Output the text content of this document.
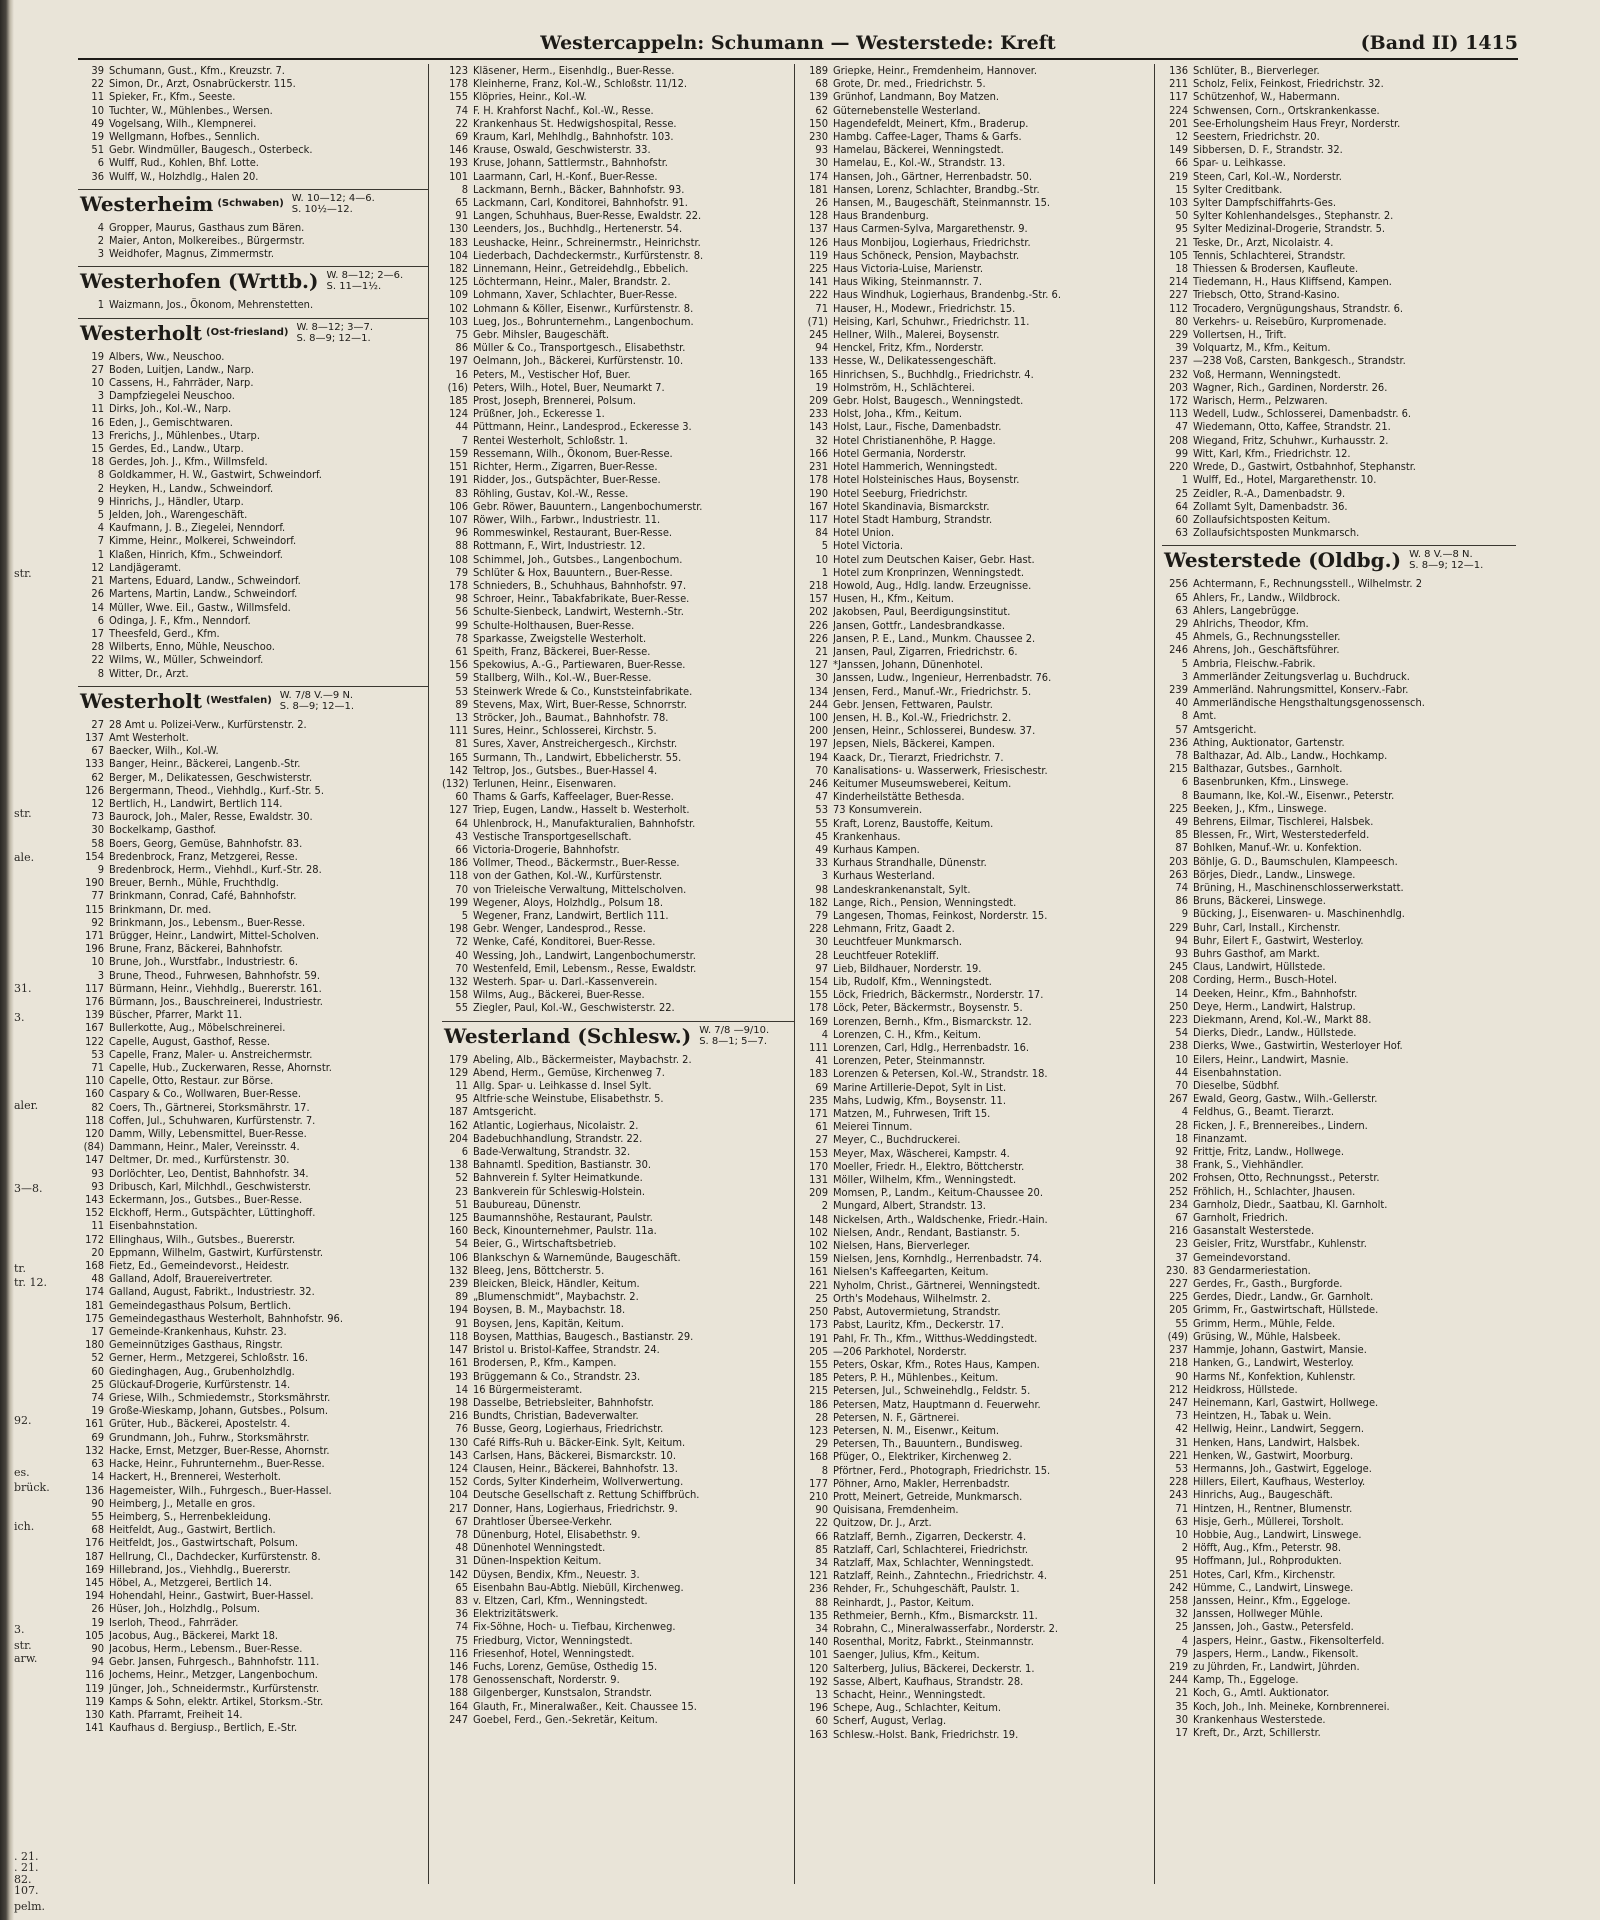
str.
str.
ale.
31.
3.
aler.
3—8.
tr.
tr. 12.
92.
es.
brück.
ich.
3.
str.
arw.
. 21.
. 21.
82.
107.
pelm.
Westercappeln: Schumann — Westerstede: Kreft	(Band II) 1415
39 Schumann, Gust., Kfm., Kreuzstr. 7.
22 Simon, Dr., Arzt, Osnabrückerstr. 115.
11 Spieker, Fr., Kfm., Seeste.
10 Tuchter, W., Mühlenbes., Wersen.
49 Vogelsang, Wilh., Klempnerei.
19 Wellgmann, Hofbes., Sennlich.
51 Gebr. Windmüller, Baugesch., Osterbeck.
6 Wulff, Rud., Kohlen, Bhf. Lotte.
36 Wulff, W., Holzhdlg., Halen 20.
Westerheim (Schwaben) W. 10—12; 4—6.
S. 10½—12.
4 Gropper, Maurus, Gasthaus zum Bären.
2 Maier, Anton, Molkereibes., Bürgermstr.
3 Weidhofer, Magnus, Zimmermstr.
Westerhofen (Wrttb.) W. 8—12; 2—6.
S. 11—1½.
1 Waizmann, Jos., Ökonom, Mehrenstetten.
Westerholt (Ost-friesland) W. 8—12; 3—7.
S. 8—9; 12—1.
19 Albers, Ww., Neuschoo.
27 Boden, Luitjen, Landw., Narp.
10 Cassens, H., Fahrräder, Narp.
3 Dampfziegelei Neuschoo.
11 Dirks, Joh., Kol.-W., Narp.
16 Eden, J., Gemischtwaren.
13 Frerichs, J., Mühlenbes., Utarp.
15 Gerdes, Ed., Landw., Utarp.
18 Gerdes, Joh. J., Kfm., Willmsfeld.
8 Goldkammer, H. W., Gastwirt, Schweindorf.
2 Heyken, H., Landw., Schweindorf.
9 Hinrichs, J., Händler, Utarp.
5 Jelden, Joh., Warengeschäft.
4 Kaufmann, J. B., Ziegelei, Nenndorf.
7 Kimme, Heinr., Molkerei, Schweindorf.
1 Klaßen, Hinrich, Kfm., Schweindorf.
12 Landjägeramt.
21 Martens, Eduard, Landw., Schweindorf.
26 Martens, Martin, Landw., Schweindorf.
14 Müller, Wwe. Eil., Gastw., Willmsfeld.
6 Odinga, J. F., Kfm., Nenndorf.
17 Theesfeld, Gerd., Kfm.
28 Wilberts, Enno, Mühle, Neuschoo.
22 Wilms, W., Müller, Schweindorf.
8 Witter, Dr., Arzt.
Westerholt (Westfalen) W. 7/8 V.—9 N.
S. 8—9; 12—1.
27 28 Amt u. Polizei-Verw., Kurfürstenstr. 2.
137 Amt Westerholt.
67 Baecker, Wilh., Kol.-W.
133 Banger, Heinr., Bäckerei, Langenb.-Str.
62 Berger, M., Delikatessen, Geschwisterstr.
126 Bergermann, Theod., Viehhdlg., Kurf.-Str. 5.
12 Bertlich, H., Landwirt, Bertlich 114.
73 Baurock, Joh., Maler, Resse, Ewaldstr. 30.
30 Bockelkamp, Gasthof.
58 Boers, Georg, Gemüse, Bahnhofstr. 83.
154 Bredenbrock, Franz, Metzgerei, Resse.
9 Bredenbrock, Herm., Viehhdl., Kurf.-Str. 28.
190 Breuer, Bernh., Mühle, Fruchthdlg.
77 Brinkmann, Conrad, Café, Bahnhofstr.
115 Brinkmann, Dr. med.
92 Brinkmann, Jos., Lebensm., Buer-Resse.
171 Brügger, Heinr., Landwirt, Mittel-Scholven.
196 Brune, Franz, Bäckerei, Bahnhofstr.
10 Brune, Joh., Wurstfabr., Industriestr. 6.
3 Brune, Theod., Fuhrwesen, Bahnhofstr. 59.
117 Bürmann, Heinr., Viehhdlg., Buererstr. 161.
176 Bürmann, Jos., Bauschreinerei, Industriestr.
139 Büscher, Pfarrer, Markt 11.
167 Bullerkotte, Aug., Möbelschreinerei.
122 Capelle, August, Gasthof, Resse.
53 Capelle, Franz, Maler- u. Anstreichermstr.
71 Capelle, Hub., Zuckerwaren, Resse, Ahornstr.
110 Capelle, Otto, Restaur. zur Börse.
160 Caspary & Co., Wollwaren, Buer-Resse.
82 Coers, Th., Gärtnerei, Storksmährstr. 17.
118 Coffen, Jul., Schuhwaren, Kurfürstenstr. 7.
120 Damm, Willy, Lebensmittel, Buer-Resse.
(84) Dammann, Heinr., Maler, Vereinsstr. 4.
147 Deltmer, Dr. med., Kurfürstenstr. 30.
93 Dorlöchter, Leo, Dentist, Bahnhofstr. 34.
93 Dribusch, Karl, Milchhdl., Geschwisterstr.
143 Eckermann, Jos., Gutsbes., Buer-Resse.
152 Elckhoff, Herm., Gutspächter, Lüttinghoff.
11 Eisenbahnstation.
172 Ellinghaus, Wilh., Gutsbes., Buererstr.
20 Eppmann, Wilhelm, Gastwirt, Kurfürstenstr.
168 Fietz, Ed., Gemeindevorst., Heidestr.
48 Galland, Adolf, Brauereivertreter.
174 Galland, August, Fabrikt., Industriestr. 32.
181 Gemeindegasthaus Polsum, Bertlich.
175 Gemeindegasthaus Westerholt, Bahnhofstr. 96.
17 Gemeinde-Krankenhaus, Kuhstr. 23.
180 Gemeinnütziges Gasthaus, Ringstr.
52 Gerner, Herm., Metzgerei, Schloßstr. 16.
60 Giedinghagen, Aug., Grubenholzhdlg.
25 Glückauf-Drogerie, Kurfürstenstr. 14.
74 Griese, Wilh., Schmiedemstr., Storksmährstr.
19 Große-Wieskamp, Johann, Gutsbes., Polsum.
161 Grüter, Hub., Bäckerei, Apostelstr. 4.
69 Grundmann, Joh., Fuhrw., Storksmährstr.
132 Hacke, Ernst, Metzger, Buer-Resse, Ahornstr.
63 Hacke, Heinr., Fuhrunternehm., Buer-Resse.
14 Hackert, H., Brennerei, Westerholt.
136 Hagemeister, Wilh., Fuhrgesch., Buer-Hassel.
90 Heimberg, J., Metalle en gros.
55 Heimberg, S., Herrenbekleidung.
68 Heitfeldt, Aug., Gastwirt, Bertlich.
176 Heitfeldt, Jos., Gastwirtschaft, Polsum.
187 Hellrung, Cl., Dachdecker, Kurfürstenstr. 8.
169 Hillebrand, Jos., Viehhdlg., Buererstr.
145 Höbel, A., Metzgerei, Bertlich 14.
194 Hohendahl, Heinr., Gastwirt, Buer-Hassel.
26 Hüser, Joh., Holzhdlg., Polsum.
19 Iserloh, Theod., Fahrräder.
105 Jacobus, Aug., Bäckerei, Markt 18.
90 Jacobus, Herm., Lebensm., Buer-Resse.
94 Gebr. Jansen, Fuhrgesch., Bahnhofstr. 111.
116 Jochems, Heinr., Metzger, Langenbochum.
119 Jünger, Joh., Schneidermstr., Kurfürstenstr.
119 Kamps & Sohn, elektr. Artikel, Storksm.-Str.
130 Kath. Pfarramt, Freiheit 14.
141 Kaufhaus d. Bergiusp., Bertlich, E.-Str.
123 Kläsener, Herm., Eisenhdlg., Buer-Resse.
178 Kleinherne, Franz, Kol.-W., Schloßstr. 11/12.
155 Klöpries, Heinr., Kol.-W.
74 F. H. Krahforst Nachf., Kol.-W., Resse.
22 Krankenhaus St. Hedwigshospital, Resse.
69 Kraum, Karl, Mehlhdlg., Bahnhofstr. 103.
146 Krause, Oswald, Geschwisterstr. 33.
193 Kruse, Johann, Sattlermstr., Bahnhofstr.
101 Laarmann, Carl, H.-Konf., Buer-Resse.
8 Lackmann, Bernh., Bäcker, Bahnhofstr. 93.
65 Lackmann, Carl, Konditorei, Bahnhofstr. 91.
91 Langen, Schuhhaus, Buer-Resse, Ewaldstr. 22.
130 Leenders, Jos., Buchhdlg., Hertenerstr. 54.
183 Leushacke, Heinr., Schreinermstr., Heinrichstr.
104 Liederbach, Dachdeckermstr., Kurfürstenstr. 8.
182 Linnemann, Heinr., Getreidehdlg., Ebbelich.
125 Löchtermann, Heinr., Maler, Brandstr. 2.
109 Lohmann, Xaver, Schlachter, Buer-Resse.
102 Lohmann & Köller, Eisenwr., Kurfürstenstr. 8.
103 Lueg, Jos., Bohrunternehm., Langenbochum.
75 Gebr. Mihsler, Baugeschäft.
86 Müller & Co., Transportgesch., Elisabethstr.
197 Oelmann, Joh., Bäckerei, Kurfürstenstr. 10.
16 Peters, M., Vestischer Hof, Buer.
(16) Peters, Wilh., Hotel, Buer, Neumarkt 7.
185 Prost, Joseph, Brennerei, Polsum.
124 Prüßner, Joh., Eckeresse 1.
44 Püttmann, Heinr., Landesprod., Eckeresse 3.
7 Rentei Westerholt, Schloßstr. 1.
159 Ressemann, Wilh., Ökonom, Buer-Resse.
151 Richter, Herm., Zigarren, Buer-Resse.
191 Ridder, Jos., Gutspächter, Buer-Resse.
83 Röhling, Gustav, Kol.-W., Resse.
106 Gebr. Röwer, Bauuntern., Langenbochumerstr.
107 Röwer, Wilh., Farbwr., Industriestr. 11.
96 Rommeswinkel, Restaurant, Buer-Resse.
88 Rottmann, F., Wirt, Industriestr. 12.
108 Schimmel, Joh., Gutsbes., Langenbochum.
79 Schlüter & Hox, Bauuntern., Buer-Resse.
178 Schnieders, B., Schuhhaus, Bahnhofstr. 97.
98 Schroer, Heinr., Tabakfabrikate, Buer-Resse.
56 Schulte-Sienbeck, Landwirt, Westernh.-Str.
99 Schulte-Holthausen, Buer-Resse.
78 Sparkasse, Zweigstelle Westerholt.
61 Speith, Franz, Bäckerei, Buer-Resse.
156 Spekowius, A.-G., Partiewaren, Buer-Resse.
59 Stallberg, Wilh., Kol.-W., Buer-Resse.
53 Steinwerk Wrede & Co., Kunststeinfabrikate.
89 Stevens, Max, Wirt, Buer-Resse, Schnorrstr.
13 Ströcker, Joh., Baumat., Bahnhofstr. 78.
111 Sures, Heinr., Schlosserei, Kirchstr. 5.
81 Sures, Xaver, Anstreichergesch., Kirchstr.
165 Surmann, Th., Landwirt, Ebbelicherstr. 55.
142 Teltrop, Jos., Gutsbes., Buer-Hassel 4.
(132) Terlunen, Heinr., Eisenwaren.
60 Thams & Garfs, Kaffeelager, Buer-Resse.
127 Triep, Eugen, Landw., Hasselt b. Westerholt.
64 Uhlenbrock, H., Manufakturalien, Bahnhofstr.
43 Vestische Transportgesellschaft.
66 Victoria-Drogerie, Bahnhofstr.
186 Vollmer, Theod., Bäckermstr., Buer-Resse.
118 von der Gathen, Kol.-W., Kurfürstenstr.
70 von Trieleische Verwaltung, Mittelscholven.
199 Wegener, Aloys, Holzhdlg., Polsum 18.
5 Wegener, Franz, Landwirt, Bertlich 111.
198 Gebr. Wenger, Landesprod., Resse.
72 Wenke, Café, Konditorei, Buer-Resse.
40 Wessing, Joh., Landwirt, Langenbochumerstr.
70 Westenfeld, Emil, Lebensm., Resse, Ewaldstr.
132 Westerh. Spar- u. Darl.-Kassenverein.
158 Wilms, Aug., Bäckerei, Buer-Resse.
55 Ziegler, Paul, Kol.-W., Geschwisterstr. 22.
Westerland (Schlesw.) W. 7/8 —9/10.
S. 8—1; 5—7.
179 Abeling, Alb., Bäckermeister, Maybachstr. 2.
129 Abend, Herm., Gemüse, Kirchenweg 7.
11 Allg. Spar- u. Leihkasse d. Insel Sylt.
95 Altfrie·sche Weinstube, Elisabethstr. 5.
187 Amtsgericht.
162 Atlantic, Logierhaus, Nicolaistr. 2.
204 Badebuchhandlung, Strandstr. 22.
6 Bade-Verwaltung, Strandstr. 32.
138 Bahnamtl. Spedition, Bastianstr. 30.
52 Bahnverein f. Sylter Heimatkunde.
23 Bankverein für Schleswig-Holstein.
51 Baubureau, Dünenstr.
125 Baumannshöhe, Restaurant, Paulstr.
160 Beck, Kinounternehmer, Paulstr. 11a.
54 Beier, G., Wirtschaftsbetrieb.
106 Blankschyn & Warnemünde, Baugeschäft.
132 Bleeg, Jens, Böttcherstr. 5.
239 Bleicken, Bleick, Händler, Keitum.
89 „Blumenschmidt“, Maybachstr. 2.
194 Boysen, B. M., Maybachstr. 18.
91 Boysen, Jens, Kapitän, Keitum.
118 Boysen, Matthias, Baugesch., Bastianstr. 29.
147 Bristol u. Bristol-Kaffee, Strandstr. 24.
161 Brodersen, P., Kfm., Kampen.
193 Brüggemann & Co., Strandstr. 23.
14 16 Bürgermeisteramt.
198 Dasselbe, Betriebsleiter, Bahnhofstr.
216 Bundts, Christian, Badeverwalter.
76 Busse, Georg, Logierhaus, Friedrichstr.
130 Café Riffs-Ruh u. Bäcker-Eink. Sylt, Keitum.
143 Carlsen, Hans, Bäckerei, Bismarckstr. 10.
124 Clausen, Heinr., Bäckerei, Bahnhofstr. 13.
152 Cords, Sylter Kinderheim, Wollverwertung.
104 Deutsche Gesellschaft z. Rettung Schiffbrüch.
217 Donner, Hans, Logierhaus, Friedrichstr. 9.
67 Drahtloser Übersee-Verkehr.
78 Dünenburg, Hotel, Elisabethstr. 9.
48 Dünenhotel Wenningstedt.
31 Dünen-Inspektion Keitum.
142 Düysen, Bendix, Kfm., Neuestr. 3.
65 Eisenbahn Bau-Abtlg. Niebüll, Kirchenweg.
83 v. Eltzen, Carl, Kfm., Wenningstedt.
36 Elektrizitätswerk.
74 Fix-Söhne, Hoch- u. Tiefbau, Kirchenweg.
75 Friedburg, Victor, Wenningstedt.
116 Friesenhof, Hotel, Wenningstedt.
146 Fuchs, Lorenz, Gemüse, Osthedig 15.
178 Genossenschaft, Norderstr. 9.
188 Gilgenberger, Kunstsalon, Strandstr.
164 Glauth, Fr., Mineralwaßer., Keit. Chaussee 15.
247 Goebel, Ferd., Gen.-Sekretär, Keitum.
189 Griepke, Heinr., Fremdenheim, Hannover.
68 Grote, Dr. med., Friedrichstr. 5.
139 Grünhof, Landmann, Boy Matzen.
62 Güternebenstelle Westerland.
150 Hagendefeldt, Meinert, Kfm., Braderup.
230 Hambg. Caffee-Lager, Thams & Garfs.
93 Hamelau, Bäckerei, Wenningstedt.
30 Hamelau, E., Kol.-W., Strandstr. 13.
174 Hansen, Joh., Gärtner, Herrenbadstr. 50.
181 Hansen, Lorenz, Schlachter, Brandbg.-Str.
26 Hansen, M., Baugeschäft, Steinmannstr. 15.
128 Haus Brandenburg.
137 Haus Carmen-Sylva, Margarethenstr. 9.
126 Haus Monbijou, Logierhaus, Friedrichstr.
119 Haus Schöneck, Pension, Maybachstr.
225 Haus Victoria-Luise, Marienstr.
141 Haus Wiking, Steinmannstr. 7.
222 Haus Windhuk, Logierhaus, Brandenbg.-Str. 6.
71 Hauser, H., Modewr., Friedrichstr. 15.
(71) Heising, Karl, Schuhwr., Friedrichstr. 11.
245 Hellner, Wilh., Malerei, Boysenstr.
94 Henckel, Fritz, Kfm., Norderstr.
133 Hesse, W., Delikatessengeschäft.
165 Hinrichsen, S., Buchhdlg., Friedrichstr. 4.
19 Holmström, H., Schlächterei.
209 Gebr. Holst, Baugesch., Wenningstedt.
233 Holst, Joha., Kfm., Keitum.
143 Holst, Laur., Fische, Damenbadstr.
32 Hotel Christianenhöhe, P. Hagge.
166 Hotel Germania, Norderstr.
231 Hotel Hammerich, Wenningstedt.
178 Hotel Holsteinisches Haus, Boysenstr.
190 Hotel Seeburg, Friedrichstr.
167 Hotel Skandinavia, Bismarckstr.
117 Hotel Stadt Hamburg, Strandstr.
84 Hotel Union.
5 Hotel Victoria.
10 Hotel zum Deutschen Kaiser, Gebr. Hast.
1 Hotel zum Kronprinzen, Wenningstedt.
218 Howold, Aug., Hdlg. landw. Erzeugnisse.
157 Husen, H., Kfm., Keitum.
202 Jakobsen, Paul, Beerdigungsinstitut.
226 Jansen, Gottfr., Landesbrandkasse.
226 Jansen, P. E., Land., Munkm. Chaussee 2.
21 Jansen, Paul, Zigarren, Friedrichstr. 6.
127 *Janssen, Johann, Dünenhotel.
30 Janssen, Ludw., Ingenieur, Herrenbadstr. 76.
134 Jensen, Ferd., Manuf.-Wr., Friedrichstr. 5.
244 Gebr. Jensen, Fettwaren, Paulstr.
100 Jensen, H. B., Kol.-W., Friedrichstr. 2.
200 Jensen, Heinr., Schlosserei, Bundesw. 37.
197 Jepsen, Niels, Bäckerei, Kampen.
194 Kaack, Dr., Tierarzt, Friedrichstr. 7.
70 Kanalisations- u. Wasserwerk, Friesischestr.
246 Keitumer Museumsweberei, Keitum.
47 Kinderheilstätte Bethesda.
53 73 Konsumverein.
55 Kraft, Lorenz, Baustoffe, Keitum.
45 Krankenhaus.
49 Kurhaus Kampen.
33 Kurhaus Strandhalle, Dünenstr.
3 Kurhaus Westerland.
98 Landeskrankenanstalt, Sylt.
182 Lange, Rich., Pension, Wenningstedt.
79 Langesen, Thomas, Feinkost, Norderstr. 15.
228 Lehmann, Fritz, Gaadt 2.
30 Leuchtfeuer Munkmarsch.
28 Leuchtfeuer Rotekliff.
97 Lieb, Bildhauer, Norderstr. 19.
154 Lib, Rudolf, Kfm., Wenningstedt.
155 Löck, Friedrich, Bäckermstr., Norderstr. 17.
178 Löck, Peter, Bäckermstr., Boysenstr. 5.
169 Lorenzen, Bernh., Kfm., Bismarckstr. 12.
4 Lorenzen, C. H., Kfm., Keitum.
111 Lorenzen, Carl, Hdlg., Herrenbadstr. 16.
41 Lorenzen, Peter, Steinmannstr.
183 Lorenzen & Petersen, Kol.-W., Strandstr. 18.
69 Marine Artillerie-Depot, Sylt in List.
235 Mahs, Ludwig, Kfm., Boysenstr. 11.
171 Matzen, M., Fuhrwesen, Trift 15.
61 Meierei Tinnum.
27 Meyer, C., Buchdruckerei.
153 Meyer, Max, Wäscherei, Kampstr. 4.
170 Moeller, Friedr. H., Elektro, Böttcherstr.
131 Möller, Wilhelm, Kfm., Wenningstedt.
209 Momsen, P., Landm., Keitum-Chaussee 20.
2 Mungard, Albert, Strandstr. 13.
148 Nickelsen, Arth., Waldschenke, Friedr.-Hain.
102 Nielsen, Andr., Rendant, Bastianstr. 5.
102 Nielsen, Hans, Bierverleger.
159 Nielsen, Jens, Kornhdlg., Herrenbadstr. 74.
161 Nielsen's Kaffeegarten, Keitum.
221 Nyholm, Christ., Gärtnerei, Wenningstedt.
25 Orth's Modehaus, Wilhelmstr. 2.
250 Pabst, Autovermietung, Strandstr.
173 Pabst, Lauritz, Kfm., Deckerstr. 17.
191 Pahl, Fr. Th., Kfm., Witthus-Weddingstedt.
205 —206 Parkhotel, Norderstr.
155 Peters, Oskar, Kfm., Rotes Haus, Kampen.
185 Peters, P. H., Mühlenbes., Keitum.
215 Petersen, Jul., Schweinehdlg., Feldstr. 5.
186 Petersen, Matz, Hauptmann d. Feuerwehr.
28 Petersen, N. F., Gärtnerei.
123 Petersen, N. M., Eisenwr., Keitum.
29 Petersen, Th., Bauuntern., Bundisweg.
168 Pfüger, O., Elektriker, Kirchenweg 2.
8 Pförtner, Ferd., Photograph, Friedrichstr. 15.
177 Pöhner, Arno, Makler, Herrenbadstr.
210 Prott, Meinert, Getreide, Munkmarsch.
90 Quisisana, Fremdenheim.
22 Quitzow, Dr. J., Arzt.
66 Ratzlaff, Bernh., Zigarren, Deckerstr. 4.
85 Ratzlaff, Carl, Schlachterei, Friedrichstr.
34 Ratzlaff, Max, Schlachter, Wenningstedt.
121 Ratzlaff, Reinh., Zahntechn., Friedrichstr. 4.
236 Rehder, Fr., Schuhgeschäft, Paulstr. 1.
88 Reinhardt, J., Pastor, Keitum.
135 Rethmeier, Bernh., Kfm., Bismarckstr. 11.
34 Robrahn, C., Mineralwasserfabr., Norderstr. 2.
140 Rosenthal, Moritz, Fabrkt., Steinmannstr.
101 Saenger, Julius, Kfm., Keitum.
120 Salterberg, Julius, Bäckerei, Deckerstr. 1.
192 Sasse, Albert, Kaufhaus, Strandstr. 28.
13 Schacht, Heinr., Wenningstedt.
196 Schepe, Aug., Schlachter, Keitum.
60 Scherf, August, Verlag.
163 Schlesw.-Holst. Bank, Friedrichstr. 19.
136 Schlüter, B., Bierverleger.
211 Scholz, Felix, Feinkost, Friedrichstr. 32.
117 Schützenhof, W., Habermann.
224 Schwensen, Corn., Ortskrankenkasse.
201 See-Erholungsheim Haus Freyr, Norderstr.
12 Seestern, Friedrichstr. 20.
149 Sibbersen, D. F., Strandstr. 32.
66 Spar- u. Leihkasse.
219 Steen, Carl, Kol.-W., Norderstr.
15 Sylter Creditbank.
103 Sylter Dampfschiffahrts-Ges.
50 Sylter Kohlenhandelsges., Stephanstr. 2.
95 Sylter Medizinal-Drogerie, Strandstr. 5.
21 Teske, Dr., Arzt, Nicolaistr. 4.
105 Tennis, Schlachterei, Strandstr.
18 Thiessen & Brodersen, Kaufleute.
214 Tiedemann, H., Haus Kliffsend, Kampen.
227 Triebsch, Otto, Strand-Kasino.
112 Trocadero, Vergnügungshaus, Strandstr. 6.
80 Verkehrs- u. Reisebüro, Kurpromenade.
229 Vollertsen, H., Trift.
39 Volquartz, M., Kfm., Keitum.
237 —238 Voß, Carsten, Bankgesch., Strandstr.
232 Voß, Hermann, Wenningstedt.
203 Wagner, Rich., Gardinen, Norderstr. 26.
172 Warisch, Herm., Pelzwaren.
113 Wedell, Ludw., Schlosserei, Damenbadstr. 6.
47 Wiedemann, Otto, Kaffee, Strandstr. 21.
208 Wiegand, Fritz, Schuhwr., Kurhausstr. 2.
99 Witt, Karl, Kfm., Friedrichstr. 12.
220 Wrede, D., Gastwirt, Ostbahnhof, Stephanstr.
1 Wulff, Ed., Hotel, Margarethenstr. 10.
25 Zeidler, R.-A., Damenbadstr. 9.
64 Zollamt Sylt, Damenbadstr. 36.
60 Zollaufsichtsposten Keitum.
63 Zollaufsichtsposten Munkmarsch.
Westerstede (Oldbg.) W. 8 V.—8 N.
S. 8—9; 12—1.
256 Achtermann, F., Rechnungsstell., Wilhelmstr. 2
65 Ahlers, Fr., Landw., Wildbrock.
63 Ahlers, Langebrügge.
29 Ahlrichs, Theodor, Kfm.
45 Ahmels, G., Rechnungssteller.
246 Ahrens, Joh., Geschäftsführer.
5 Ambria, Fleischw.-Fabrik.
3 Ammerländer Zeitungsverlag u. Buchdruck.
239 Ammerländ. Nahrungsmittel, Konserv.-Fabr.
40 Ammerländische Hengsthaltungsgenossensch.
8 Amt.
57 Amtsgericht.
236 Athing, Auktionator, Gartenstr.
78 Balthazar, Ad. Alb., Landw., Hochkamp.
215 Balthazar, Gutsbes., Garnholt.
6 Basenbrunken, Kfm., Linswege.
8 Baumann, Ike, Kol.-W., Eisenwr., Peterstr.
225 Beeken, J., Kfm., Linswege.
49 Behrens, Eilmar, Tischlerei, Halsbek.
85 Blessen, Fr., Wirt, Westerstederfeld.
87 Bohlken, Manuf.-Wr. u. Konfektion.
203 Böhlje, G. D., Baumschulen, Klampeesch.
263 Börjes, Diedr., Landw., Linswege.
74 Brüning, H., Maschinenschlosserwerkstatt.
86 Bruns, Bäckerei, Linswege.
9 Bücking, J., Eisenwaren- u. Maschinenhdlg.
229 Buhr, Carl, Install., Kirchenstr.
94 Buhr, Eilert F., Gastwirt, Westerloy.
93 Buhrs Gasthof, am Markt.
245 Claus, Landwirt, Hüllstede.
208 Cording, Herm., Busch-Hotel.
14 Deeken, Heinr., Kfm., Bahnhofstr.
250 Deye, Herm., Landwirt, Halstrup.
223 Diekmann, Arend, Kol.-W., Markt 88.
54 Dierks, Diedr., Landw., Hüllstede.
238 Dierks, Wwe., Gastwirtin, Westerloyer Hof.
10 Eilers, Heinr., Landwirt, Masnie.
44 Eisenbahnstation.
70 Dieselbe, Südbhf.
267 Ewald, Georg, Gastw., Wilh.-Gellerstr.
4 Feldhus, G., Beamt. Tierarzt.
28 Ficken, J. F., Brennereibes., Lindern.
18 Finanzamt.
92 Frittje, Fritz, Landw., Hollwege.
38 Frank, S., Viehhändler.
202 Frohsen, Otto, Rechnungsst., Peterstr.
252 Fröhlich, H., Schlachter, Jhausen.
234 Garnholz, Diedr., Saatbau, Kl. Garnholt.
67 Garnholt, Friedrich.
216 Gasanstalt Westerstede.
23 Geisler, Fritz, Wurstfabr., Kuhlenstr.
37 Gemeindevorstand.
230. 83 Gendarmeriestation.
227 Gerdes, Fr., Gasth., Burgforde.
225 Gerdes, Diedr., Landw., Gr. Garnholt.
205 Grimm, Fr., Gastwirtschaft, Hüllstede.
55 Grimm, Herm., Mühle, Felde.
(49) Grüsing, W., Mühle, Halsbeek.
237 Hammje, Johann, Gastwirt, Mansie.
218 Hanken, G., Landwirt, Westerloy.
90 Harms Nf., Konfektion, Kuhlenstr.
212 Heidkross, Hüllstede.
247 Heinemann, Karl, Gastwirt, Hollwege.
73 Heintzen, H., Tabak u. Wein.
42 Hellwig, Heinr., Landwirt, Seggern.
31 Henken, Hans, Landwirt, Halsbek.
221 Henken, W., Gastwirt, Moorburg.
53 Hermanns, Joh., Gastwirt, Eggeloge.
228 Hillers, Eilert, Kaufhaus, Westerloy.
243 Hinrichs, Aug., Baugeschäft.
71 Hintzen, H., Rentner, Blumenstr.
63 Hisje, Gerh., Müllerei, Torsholt.
10 Hobbie, Aug., Landwirt, Linswege.
2 Höfft, Aug., Kfm., Peterstr. 98.
95 Hoffmann, Jul., Rohprodukten.
251 Hotes, Carl, Kfm., Kirchenstr.
242 Hümme, C., Landwirt, Linswege.
258 Janssen, Heinr., Kfm., Eggeloge.
32 Janssen, Hollweger Mühle.
25 Janssen, Joh., Gastw., Petersfeld.
4 Jaspers, Heinr., Gastw., Fikensolterfeld.
79 Jaspers, Herm., Landw., Fikensolt.
219 zu Jührden, Fr., Landwirt, Jührden.
244 Kamp, Th., Eggeloge.
21 Koch, G., Amtl. Auktionator.
35 Koch, Joh., Inh. Meineke, Kornbrennerei.
30 Krankenhaus Westerstede.
17 Kreft, Dr., Arzt, Schillerstr.
